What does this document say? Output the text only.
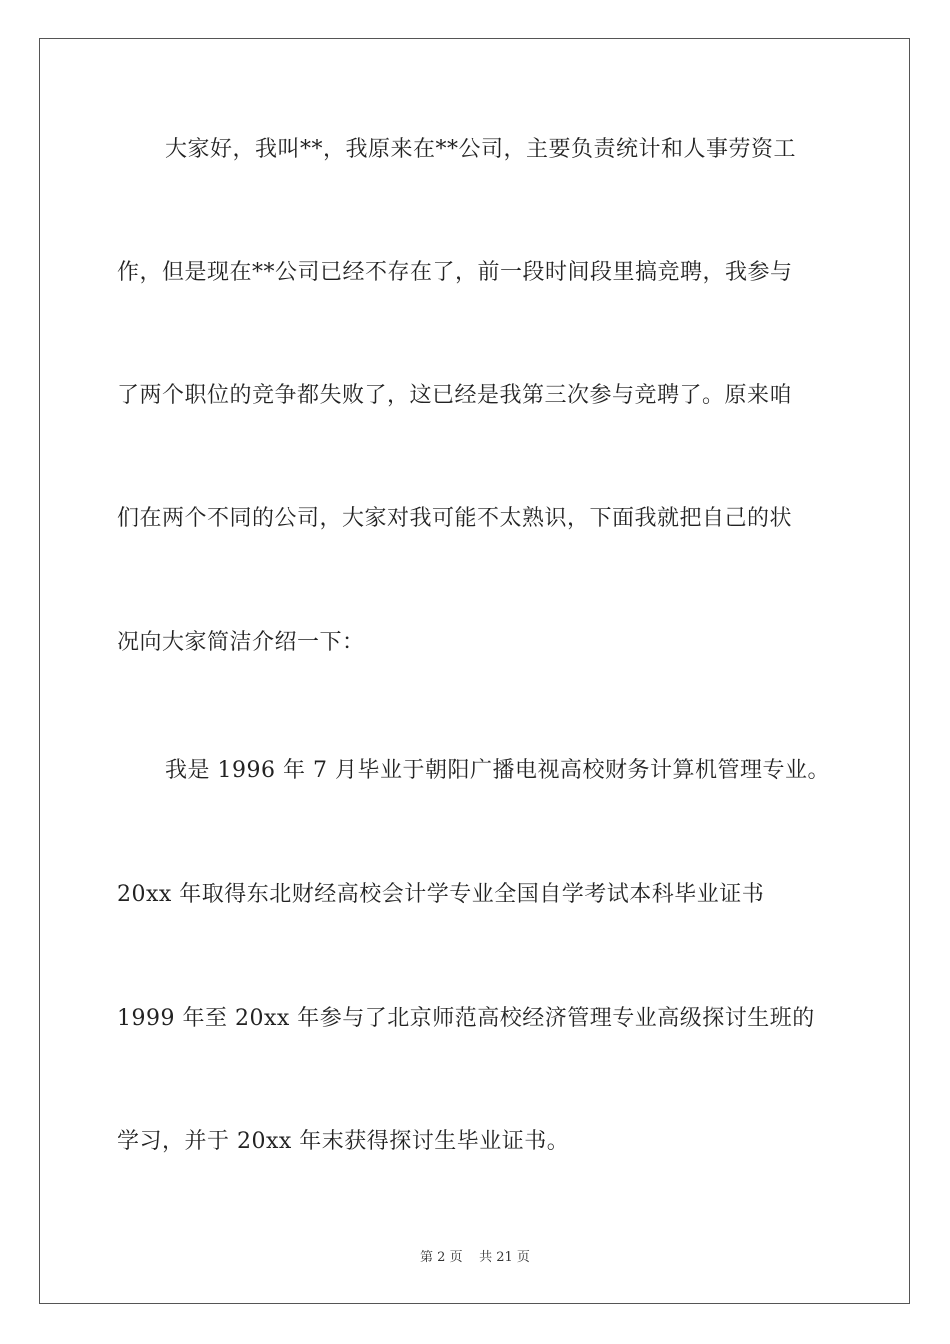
大家好，我叫**，我原来在**公司，主要负责统计和人事劳资工
作，但是现在**公司已经不存在了，前一段时间段里搞竞聘，我参与
了两个职位的竞争都失败了，这已经是我第三次参与竞聘了。原来咱
们在两个不同的公司，大家对我可能不太熟识，下面我就把自己的状
况向大家简洁介绍一下：
我是 1996 年 7 月毕业于朝阳广播电视高校财务计算机管理专业。
20xx 年取得东北财经高校会计学专业全国自学考试本科毕业证书
1999 年至 20xx 年参与了北京师范高校经济管理专业高级探讨生班的
学习，并于 20xx 年末获得探讨生毕业证书。
第 2 页 共 21 页
